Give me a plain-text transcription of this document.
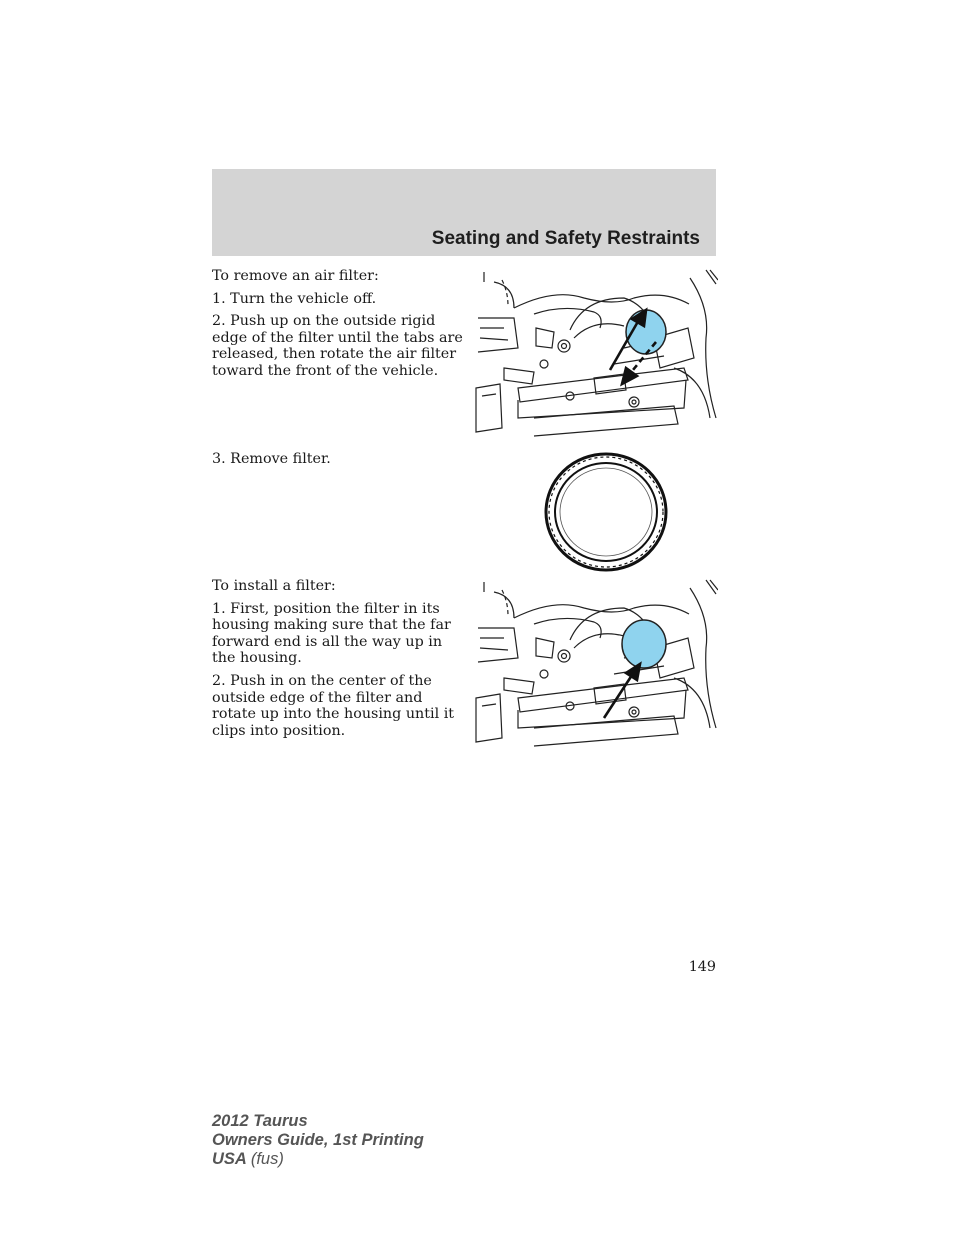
Seating and Safety Restraints

To remove an air filter:

1. Turn the vehicle off.

2. Push up on the outside rigid edge of the filter until the tabs are released, then rotate the air filter toward the front of the vehicle.

3. Remove filter.

To install a filter:

1. First, position the filter in its housing making sure that the far forward end is all the way up in the housing.

2. Push in on the center of the outside edge of the filter and rotate up into the housing until it clips into position.

149
2012 Taurus
Owners Guide, 1st Printing
USA (fus)
